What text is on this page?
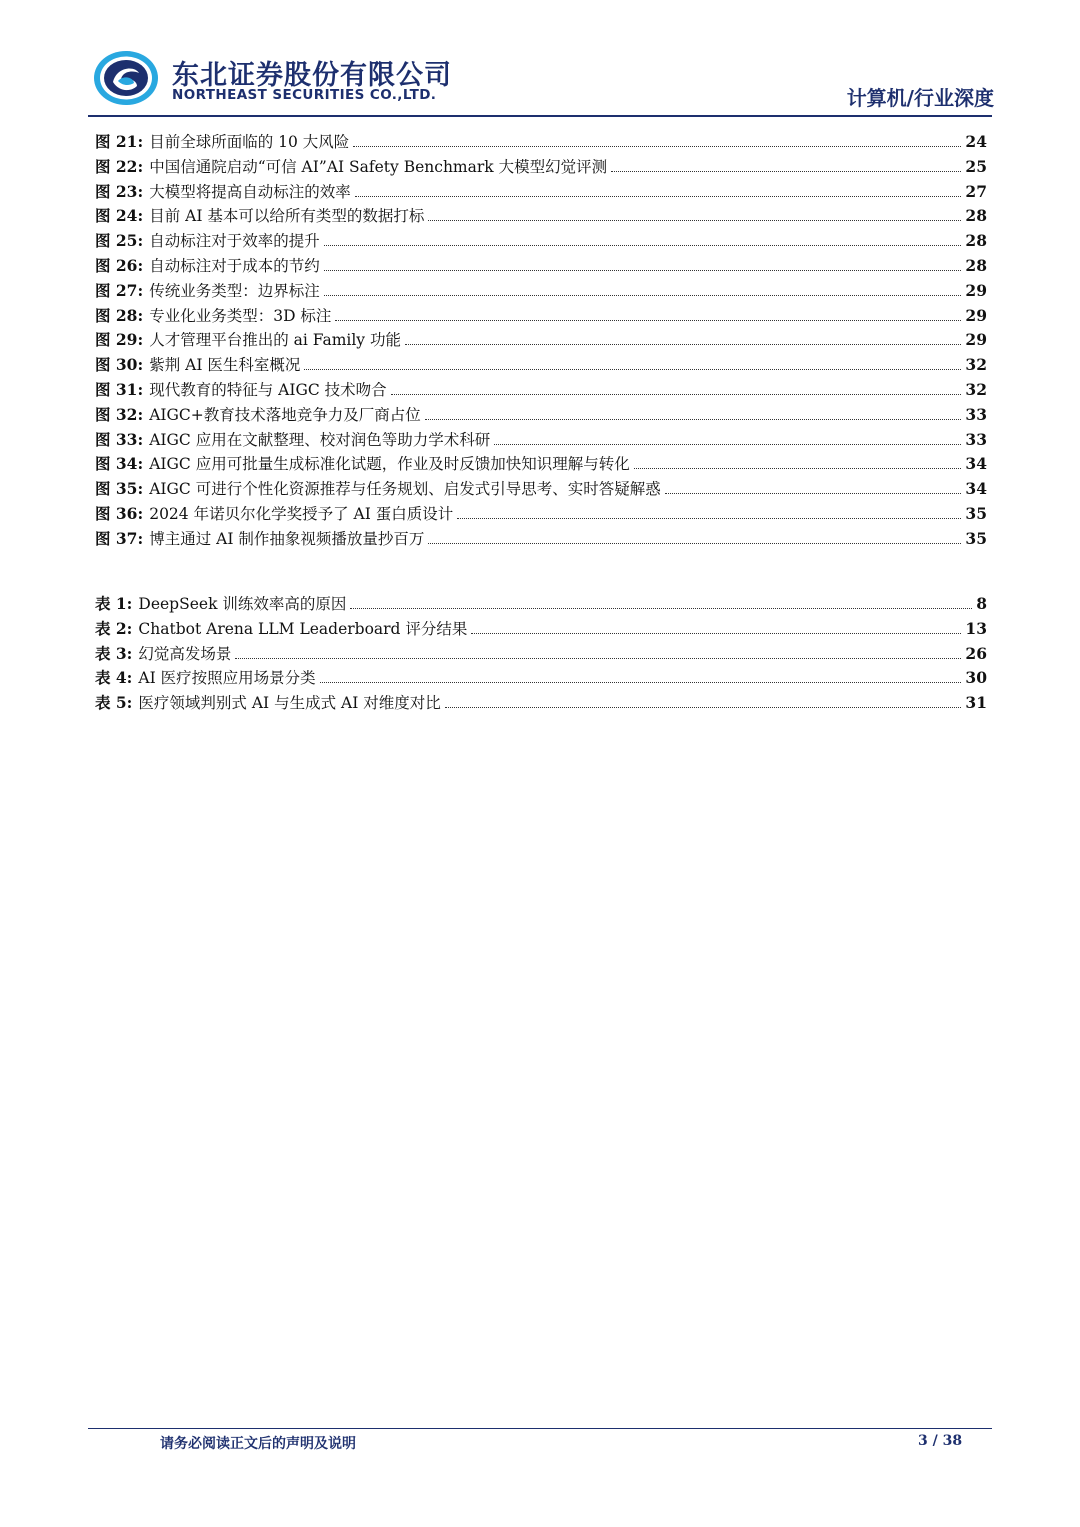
东北证券股份有限公司
NORTHEAST SECURITIES CO.,LTD.	计算机/行业深度
图 21: 目前全球所面临的 10 大风险	24
图 22: 中国信通院启动“可信 AI”AI Safety Benchmark 大模型幻觉评测	25
图 23: 大模型将提高自动标注的效率	27
图 24: 目前 AI 基本可以给所有类型的数据打标	28
图 25: 自动标注对于效率的提升	28
图 26: 自动标注对于成本的节约	28
图 27: 传统业务类型：边界标注	29
图 28: 专业化业务类型：3D 标注	29
图 29: 人才管理平台推出的 ai Family 功能	29
图 30: 紫荆 AI 医生科室概况	32
图 31: 现代教育的特征与 AIGC 技术吻合	32
图 32: AIGC+教育技术落地竞争力及厂商占位	33
图 33: AIGC 应用在文献整理、校对润色等助力学术科研	33
图 34: AIGC 应用可批量生成标准化试题，作业及时反馈加快知识理解与转化	34
图 35: AIGC 可进行个性化资源推荐与任务规划、启发式引导思考、实时答疑解惑	34
图 36: 2024 年诺贝尔化学奖授予了 AI 蛋白质设计	35
图 37: 博主通过 AI 制作抽象视频播放量抄百万	35
表 1: DeepSeek 训练效率高的原因	8
表 2: Chatbot Arena LLM Leaderboard 评分结果	13
表 3: 幻觉高发场景	26
表 4: AI 医疗按照应用场景分类	30
表 5: 医疗领域判别式 AI 与生成式 AI 对维度对比	31
请务必阅读正文后的声明及说明	3 / 38
